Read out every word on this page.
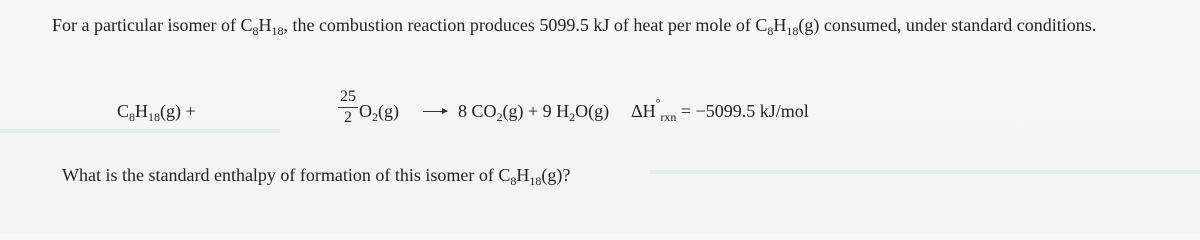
For a particular isomer of $C_8H_{18}$, the combustion reaction produces 5099.5 kJ of heat per mole of $C_8H_{18}(g)$ consumed, under standard conditions.
$C_8H_{18}(g)$ +	$\frac{25}{2} O_2(g) \to 8$ $CO_2(g) + 9$ $H_2O(g) \Delta H^\circ_{rxn} = -5099.5$ kJ/mol
What is the standard enthalpy of formation of this isomer of $C_8H_{18}(g)$?
